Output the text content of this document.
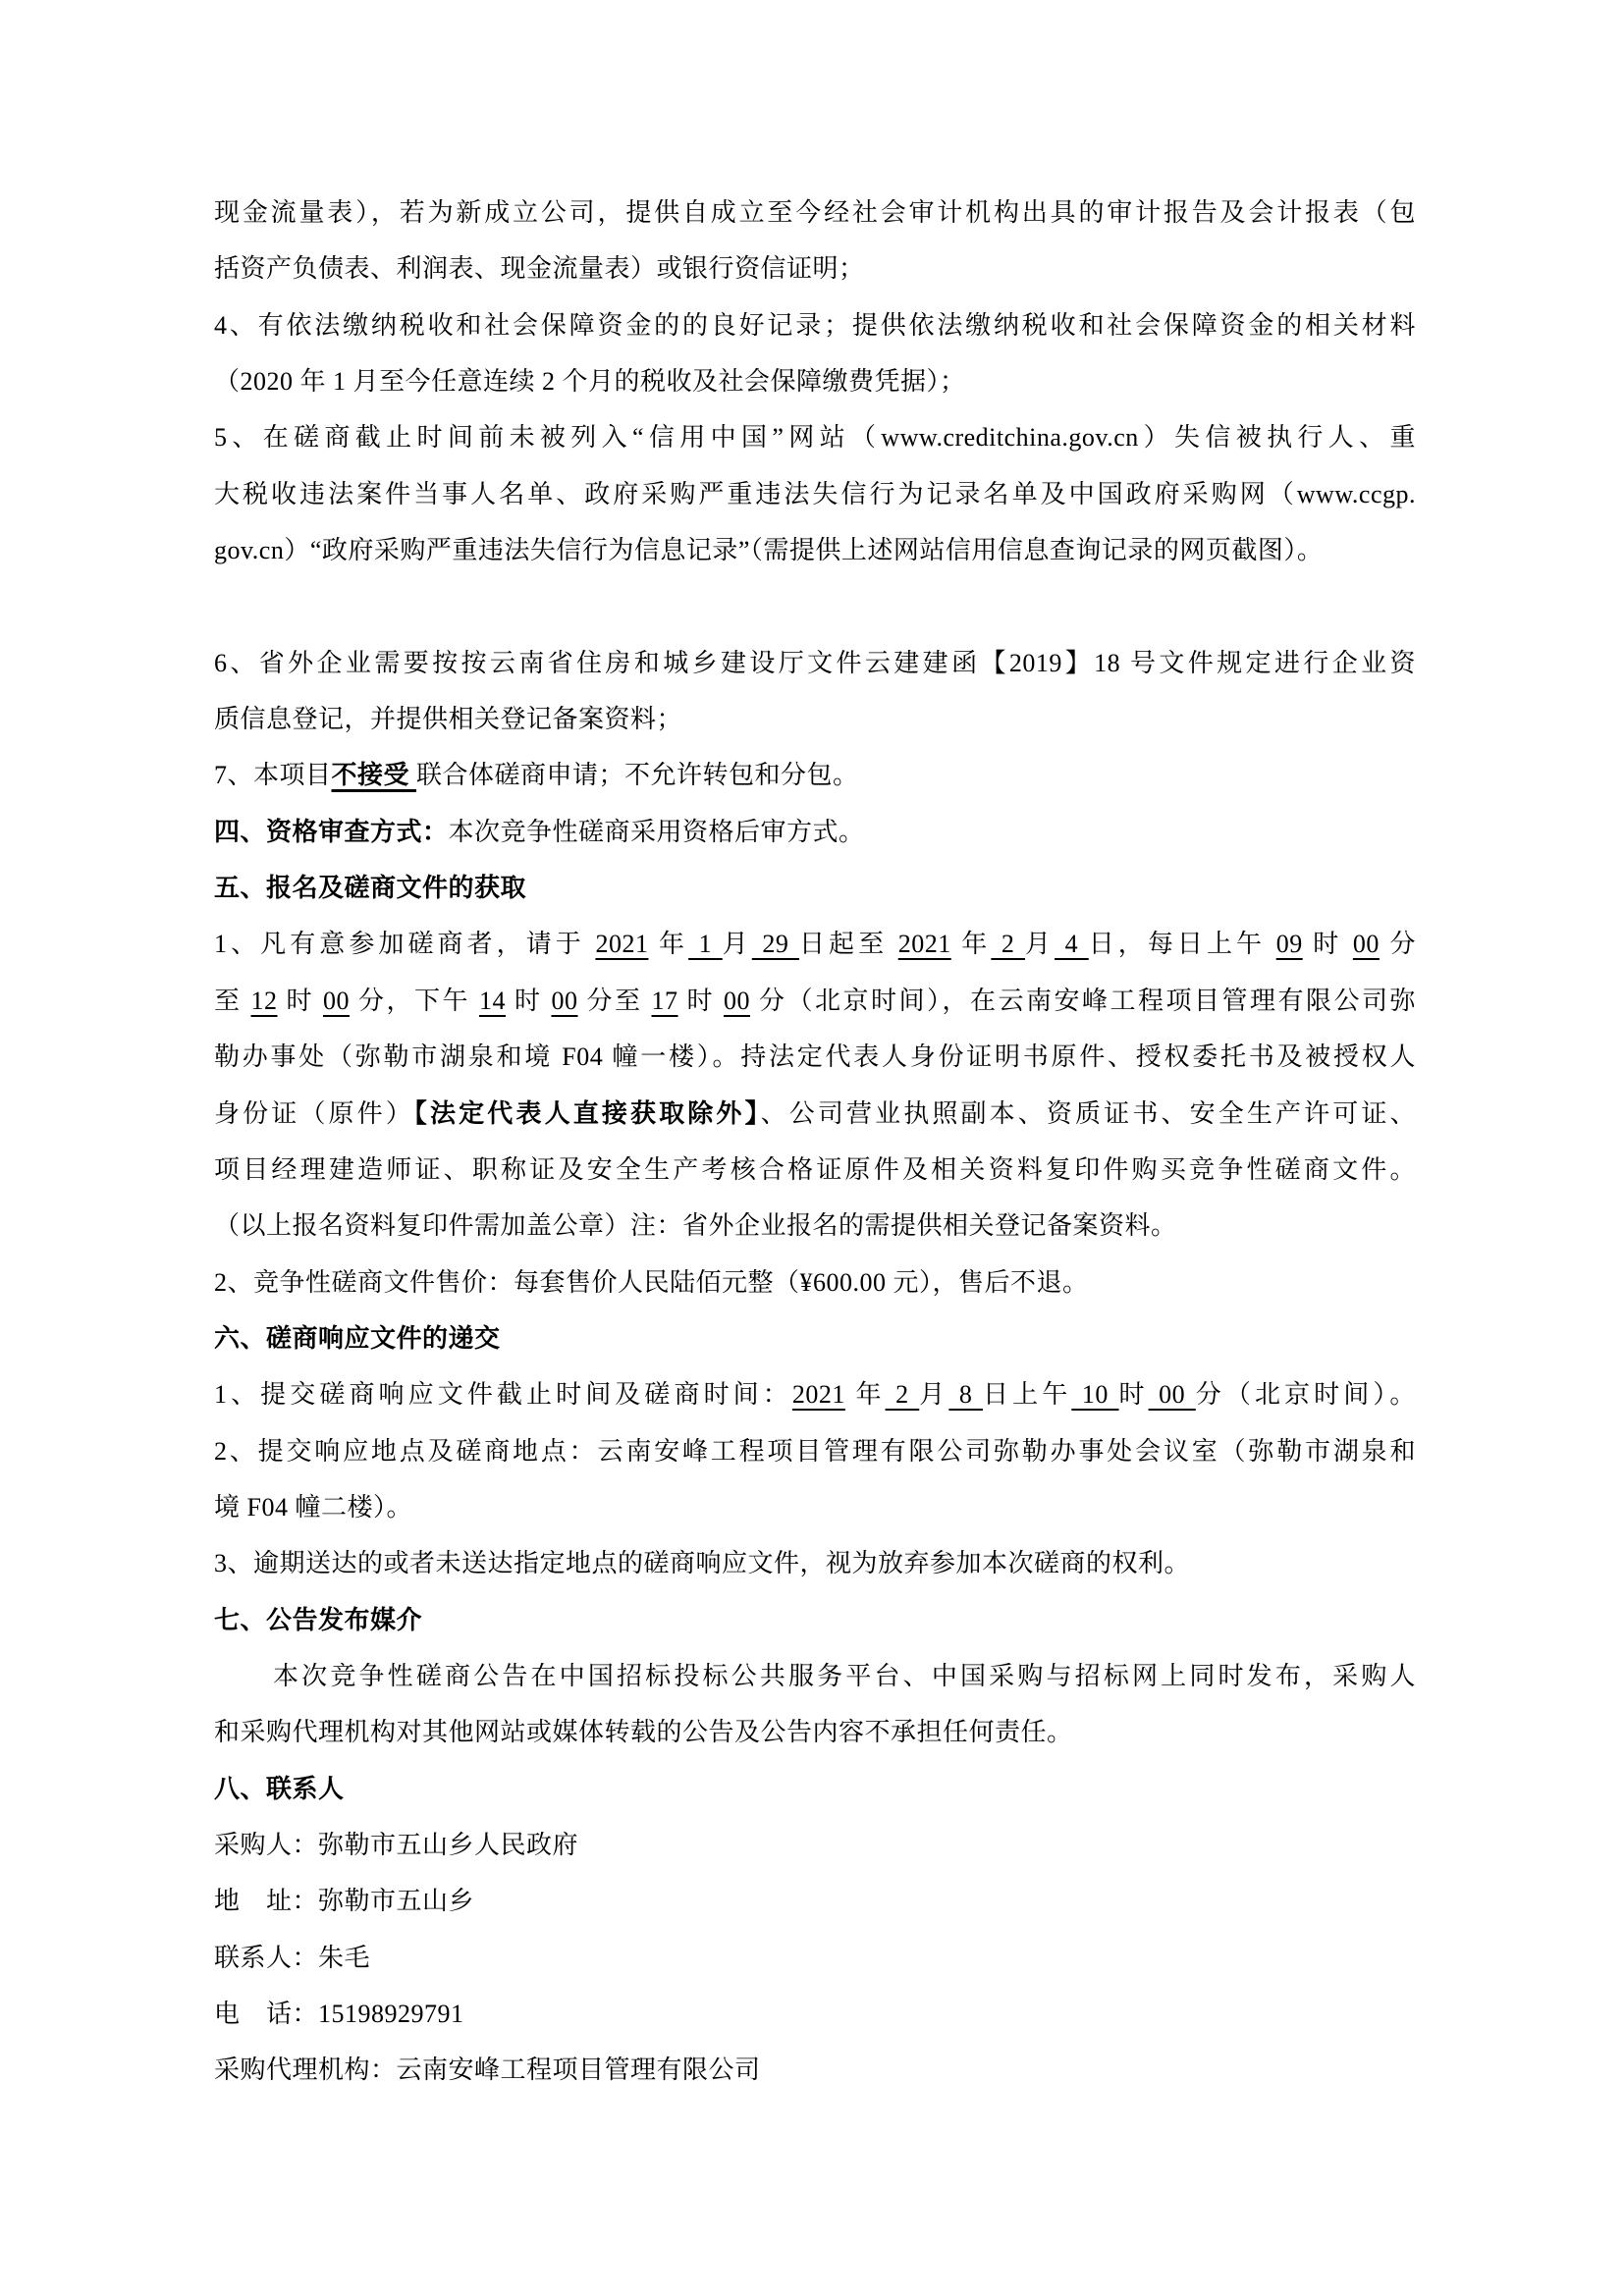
现金流量表），若为新成立公司，提供自成立至今经社会审计机构出具的审计报告及会计报表（包
括资产负债表、利润表、现金流量表）或银行资信证明；
4、有依法缴纳税收和社会保障资金的的良好记录；提供依法缴纳税收和社会保障资金的相关材料
（2020 年 1 月至今任意连续 2 个月的税收及社会保障缴费凭据）；
5、在磋商截止时间前未被列入“信用中国”网站（www.creditchina.gov.cn）失信被执行人、重
大税收违法案件当事人名单、政府采购严重违法失信行为记录名单及中国政府采购网（www.ccgp.
gov.cn）“政府采购严重违法失信行为信息记录”（需提供上述网站信用信息查询记录的网页截图）。

6、省外企业需要按按云南省住房和城乡建设厅文件云建建函【2019】18 号文件规定进行企业资
质信息登记，并提供相关登记备案资料；
7、本项目不接受 联合体磋商申请；不允许转包和分包。
四、资格审查方式：本次竞争性磋商采用资格后审方式。
五、报名及磋商文件的获取
1、凡有意参加磋商者，请于 2021 年 1 月 29 日起至 2021 年 2 月 4 日，每日上午 09 时 00 分
至 12 时 00 分，下午 14 时 00 分至 17 时 00 分（北京时间），在云南安峰工程项目管理有限公司弥
勒办事处（弥勒市湖泉和境 F04 幢一楼）。持法定代表人身份证明书原件、授权委托书及被授权人
身份证（原件）【法定代表人直接获取除外】、公司营业执照副本、资质证书、安全生产许可证、
项目经理建造师证、职称证及安全生产考核合格证原件及相关资料复印件购买竞争性磋商文件。
（以上报名资料复印件需加盖公章）注：省外企业报名的需提供相关登记备案资料。
2、竞争性磋商文件售价：每套售价人民陆佰元整（¥600.00 元），售后不退。
六、磋商响应文件的递交
1、提交磋商响应文件截止时间及磋商时间：2021 年 2 月 8 日上午 10 时 00 分（北京时间）。
2、提交响应地点及磋商地点：云南安峰工程项目管理有限公司弥勒办事处会议室（弥勒市湖泉和
境 F04 幢二楼）。
3、逾期送达的或者未送达指定地点的磋商响应文件，视为放弃参加本次磋商的权利。
七、公告发布媒介
本次竞争性磋商公告在中国招标投标公共服务平台、中国采购与招标网上同时发布，采购人
和采购代理机构对其他网站或媒体转载的公告及公告内容不承担任何责任。
八、联系人
采购人：弥勒市五山乡人民政府
地　址：弥勒市五山乡
联系人：朱毛
电　话：15198929791
采购代理机构：云南安峰工程项目管理有限公司
